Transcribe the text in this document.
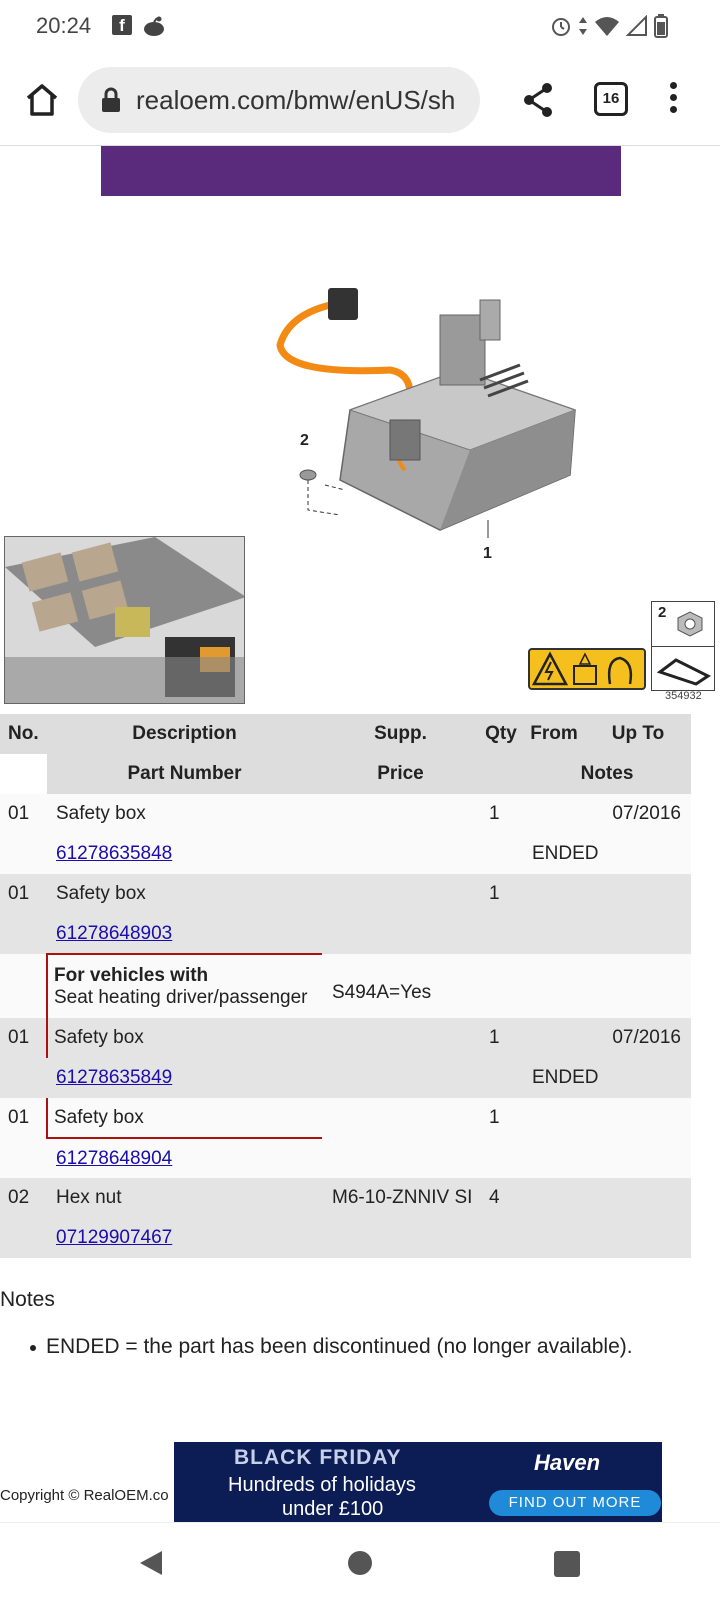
20:24	f
realoem.com/bmw/enUS/sh	16
2
1
2
354932
No.	Description	Supp.	Qty	From	Up To
	Part Number	Price		Notes	
01	Safety box		1		07/2016
	61278635848			ENDED	
01	Safety box		1		
	61278648903				

	For vehicles with
Seat heating driver/passenger	S494A=Yes			
01	Safety box		1		07/2016
	61278635849			ENDED	
01	Safety box		1		
	61278648904				
02	Hex nut	M6-10-ZNNIV SI	4		
	07129907467				
Notes
ENDED = the part has been discontinued (no longer available).
Copyright © RealOEM.co
BLACK FRIDAY
Hundreds of holidays
under £100
Haven
FIND OUT MORE
